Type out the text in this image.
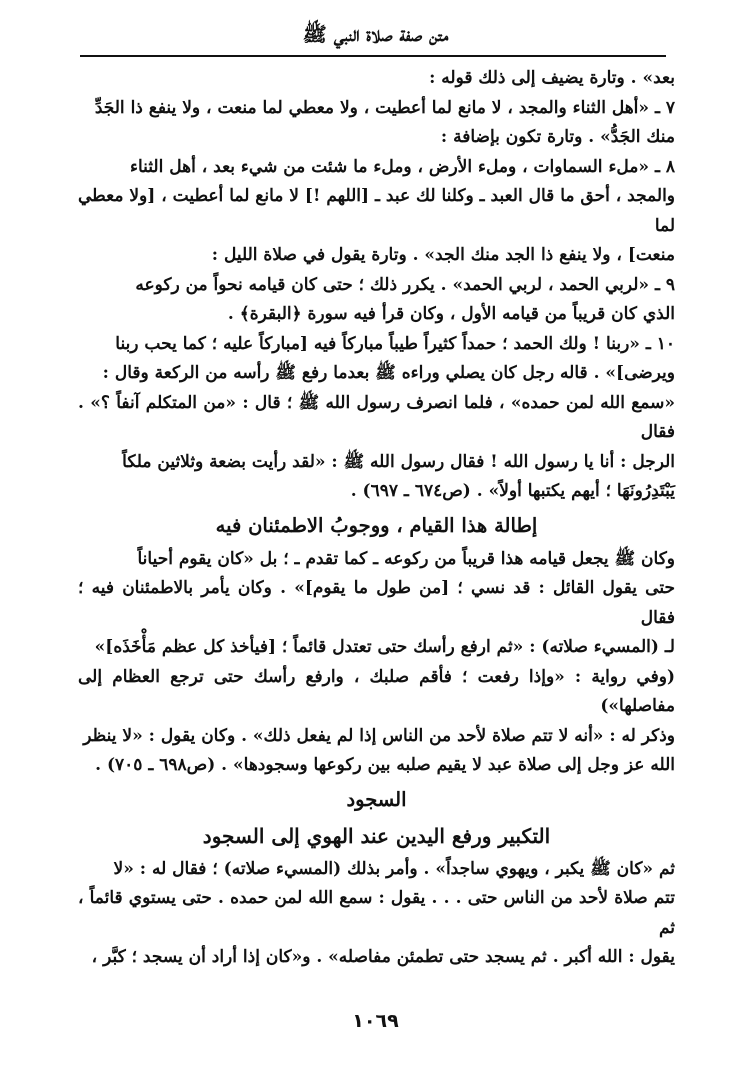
متن صفة صلاة النبي ﷺ

بعد» . وتارة يضيف إلى ذلك قوله :

٧ ـ «أهل الثناء والمجد ، لا مانع لما أعطيت ، ولا معطي لما منعت ، ولا ينفع ذا الجَدِّ
منك الجَدُّ» . وتارة تكون بإضافة :

٨ ـ «ملء السماوات ، وملء الأرض ، وملء ما شئت من شيء بعد ، أهل الثناء
والمجد ، أحق ما قال العبد ـ وكلنا لك عبد ـ [اللهم !] لا مانع لما أعطيت ، [ولا معطي لما
منعت] ، ولا ينفع ذا الجد منك الجد» . وتارة يقول في صلاة الليل :

٩ ـ «لربي الحمد ، لربي الحمد» . يكرر ذلك ؛ حتى كان قيامه نحواً من ركوعه
الذي كان قريباً من قيامه الأول ، وكان قرأ فيه سورة ﴿البقرة﴾ .

١٠ ـ «ربنا ! ولك الحمد ؛ حمداً كثيراً طيباً مباركاً فيه [مباركاً عليه ؛ كما يحب ربنا
ويرضى]» . قاله رجل كان يصلي وراءه ﷺ بعدما رفع ﷺ رأسه من الركعة وقال :
«سمع الله لمن حمده» ، فلما انصرف رسول الله ﷺ ؛ قال : «من المتكلم آنفاً ؟» . فقال
الرجل : أنا يا رسول الله ! فقال رسول الله ﷺ : «لقد رأيت بضعة وثلاثين ملكاً
يَبْتَدِرُونَهَا ؛ أيهم يكتبها أولاً» . (ص٦٧٤ ـ ٦٩٧) .

إطالة هذا القيام ، ووجوبُ الاطمئنان فيه

وكان ﷺ يجعل قيامه هذا قريباً من ركوعه ـ كما تقدم ـ ؛ بل «كان يقوم أحياناً
حتى يقول القائل : قد نسي ؛ [من طول ما يقوم]» . وكان يأمر بالاطمئنان فيه ؛ فقال
لـ (المسيء صلاته) : «ثم ارفع رأسك حتى تعتدل قائماً ؛ [فيأخذ كل عظم مَأْخَذَه]»
(وفي رواية : «وإذا رفعت ؛ فأقم صلبك ، وارفع رأسك حتى ترجع العظام إلى مفاصلها»)
وذكر له : «أنه لا تتم صلاة لأحد من الناس إذا لم يفعل ذلك» . وكان يقول : «لا ينظر
الله عز وجل إلى صلاة عبد لا يقيم صلبه بين ركوعها وسجودها» . (ص٦٩٨ ـ ٧٠٥) .

السجود
التكبير ورفع اليدين عند الهوي إلى السجود

ثم «كان ﷺ يكبر ، ويهوي ساجداً» . وأمر بذلك (المسيء صلاته) ؛ فقال له : «لا
تتم صلاة لأحد من الناس حتى . . . يقول : سمع الله لمن حمده . حتى يستوي قائماً ، ثم
يقول : الله أكبر . ثم يسجد حتى تطمئن مفاصله» . و«كان إذا أراد أن يسجد ؛ كبَّر ،

١٠٦٩
